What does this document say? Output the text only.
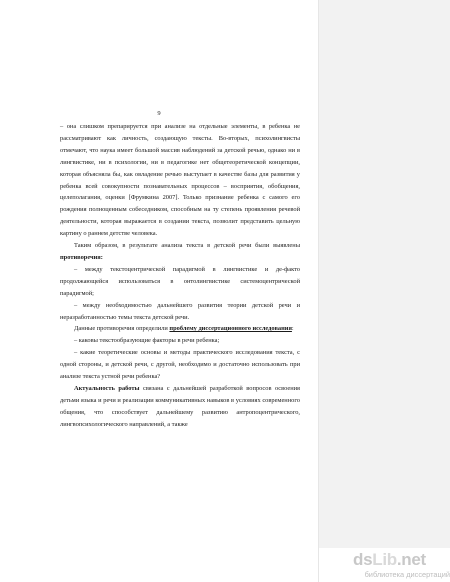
9

– она слишком препарируется при анализе на отдельные элементы, в ребенка не рассматривают как личность, создающую тексты. Во-вторых, психолингвисты отмечают, что наука имеет большой массив наблюдений за детской речью, однако ни в лингвистике, ни в психологии, ни в педагогике нет общетеоретической концепции, которая объясняла бы, как овладение речью выступает в качестве базы для развития у ребенка всей совокупности познавательных процессов – восприятия, обобщения, целеполагания, оценки [Фрумкина 2007]. Только признание ребенка с самого его рождения полноценным собеседником, способным на ту степень проявления речевой деятельности, которая выражается в создании текста, позволит представить цельную картину о раннем детстве человека.

Таким образом, в результате анализа текста в детской речи были выявлены противоречия:

– между текстоцентрической парадигмой в лингвистике и де-факто продолжающейся использоваться в онтолингвистике системоцентрической парадигмой;

– между необходимостью дальнейшего развития теории детской речи и неразработанностью темы текста детской речи.

Данные противоречия определили проблему диссертационного исследования:

– каковы текстообразующие факторы в речи ребенка;

– какие теоретические основы и методы практического исследования текста, с одной стороны, и детской речи, с другой, необходимо и достаточно использовать при анализе текста устной речи ребенка?

Актуальность работы связана с дальнейшей разработкой вопросов освоения детьми языка и речи и реализации коммуникативных навыков в условиях современного общения, что способствует дальнейшему развитию антропоцентрического, лингвопсихологического направлений, а также

dsLib.net
библиотека диссертаций
